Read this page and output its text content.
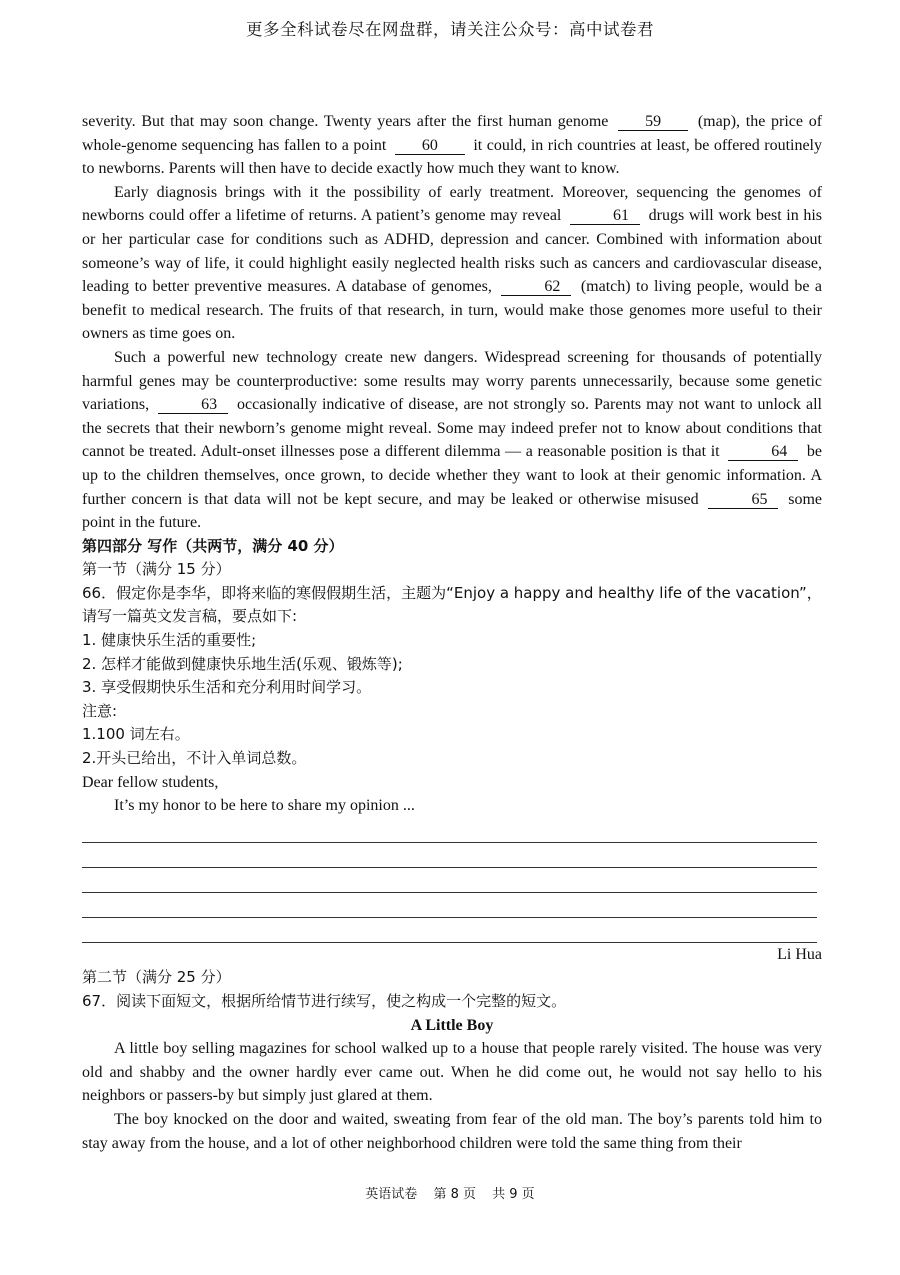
更多全科试卷尽在网盘群，请关注公众号：高中试卷君

severity. But that may soon change. Twenty years after the first human genome 59 (map), the price of whole-genome sequencing has fallen to a point 60 it could, in rich countries at least, be offered routinely to newborns. Parents will then have to decide exactly how much they want to know.

Early diagnosis brings with it the possibility of early treatment. Moreover, sequencing the genomes of newborns could offer a lifetime of returns. A patient’s genome may reveal	61 drugs will work best in his or her particular case for conditions such as ADHD, depression and cancer. Combined with information about someone’s way of life, it could highlight easily neglected health risks such as cancers and cardiovascular disease, leading to better preventive measures. A database of genomes,	62 (match) to living people, would be a benefit to medical research. The fruits of that research, in turn, would make those genomes more useful to their owners as time goes on.

Such a powerful new technology create new dangers. Widespread screening for thousands of potentially harmful genes may be counterproductive: some results may worry parents unnecessarily, because some genetic variations,	63 occasionally indicative of disease, are not strongly so. Parents may not want to unlock all the secrets that their newborn’s genome might reveal. Some may indeed prefer not to know about conditions that cannot be treated. Adult-onset illnesses pose a different dilemma — a reasonable position is that it	64 be up to the children themselves, once grown, to decide whether they want to look at their genomic information. A further concern is that data will not be kept secure, and may be leaked or otherwise misused	65 some point in the future.

第四部分 写作（共两节，满分 40 分）

第一节（满分 15 分）

66．假定你是李华，即将来临的寒假假期生活，主题为“Enjoy a happy and healthy life of the vacation”，

请写一篇英文发言稿，要点如下:

1. 健康快乐生活的重要性;

2. 怎样才能做到健康快乐地生活(乐观、锻炼等);

3. 享受假期快乐生活和充分利用时间学习。

注意:

1.100 词左右。

2.开头已给出，不计入单词总数。

Dear fellow students,

It’s my honor to be here to share my opinion ...

Li Hua

第二节（满分 25 分）

67．阅读下面短文，根据所给情节进行续写，使之构成一个完整的短文。

A Little Boy

A little boy selling magazines for school walked up to a house that people rarely visited. The house was very old and shabby and the owner hardly ever came out. When he did come out, he would not say hello to his neighbors or passers-by but simply just glared at them.

The boy knocked on the door and waited, sweating from fear of the old man. The boy’s parents told him to stay away from the house, and a lot of other neighborhood children were told the same thing from their

英语试卷 第 8 页 共 9 页
